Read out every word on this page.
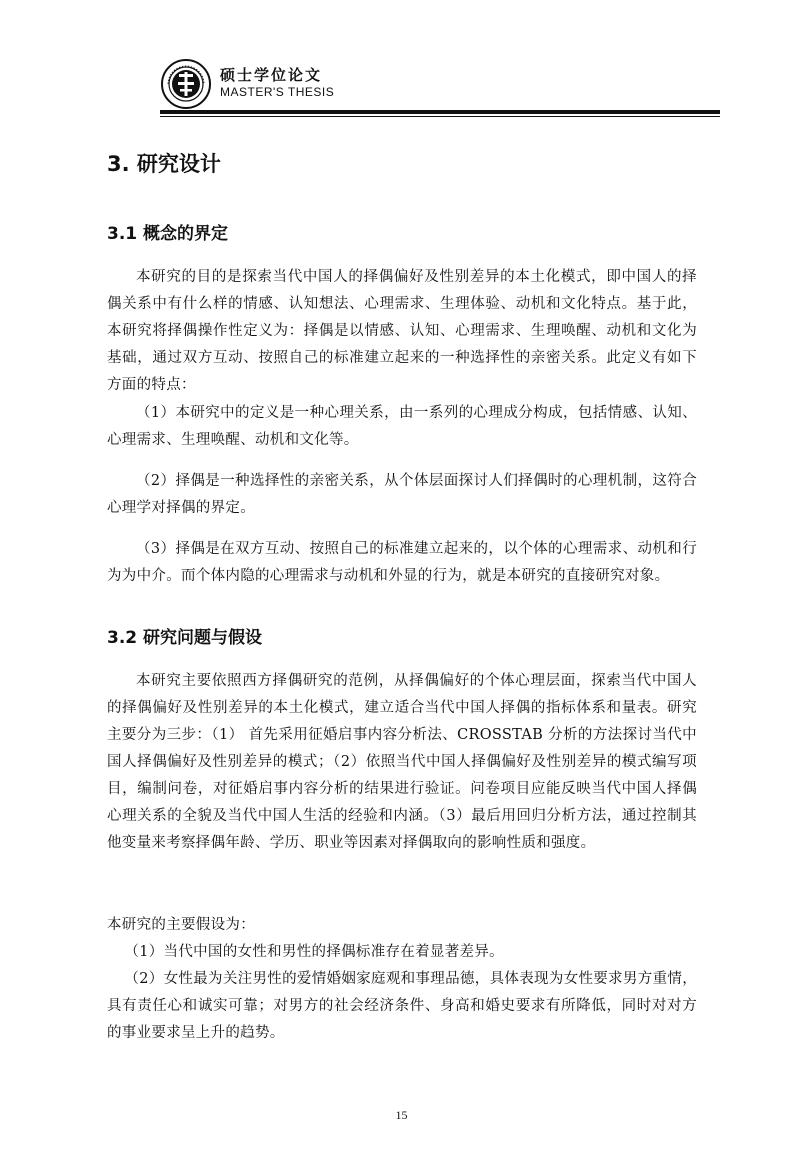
硕士学位论文
MASTER'S THESIS
3. 研究设计
3.1 概念的界定

本研究的目的是探索当代中国人的择偶偏好及性别差异的本土化模式，即中国人的择偶关系中有什么样的情感、认知想法、心理需求、生理体验、动机和文化特点。基于此，本研究将择偶操作性定义为：择偶是以情感、认知、心理需求、生理唤醒、动机和文化为基础，通过双方互动、按照自己的标准建立起来的一种选择性的亲密关系。此定义有如下方面的特点：

（1）本研究中的定义是一种心理关系，由一系列的心理成分构成，包括情感、认知、心理需求、生理唤醒、动机和文化等。

（2）择偶是一种选择性的亲密关系，从个体层面探讨人们择偶时的心理机制，这符合心理学对择偶的界定。

（3）择偶是在双方互动、按照自己的标准建立起来的，以个体的心理需求、动机和行为为中介。而个体内隐的心理需求与动机和外显的行为，就是本研究的直接研究对象。

3.2 研究问题与假设

本研究主要依照西方择偶研究的范例，从择偶偏好的个体心理层面，探索当代中国人的择偶偏好及性别差异的本土化模式，建立适合当代中国人择偶的指标体系和量表。研究主要分为三步：（1） 首先采用征婚启事内容分析法、CROSSTAB 分析的方法探讨当代中国人择偶偏好及性别差异的模式；（2）依照当代中国人择偶偏好及性别差异的模式编写项目，编制问卷，对征婚启事内容分析的结果进行验证。问卷项目应能反映当代中国人择偶心理关系的全貌及当代中国人生活的经验和内涵。（3）最后用回归分析方法，通过控制其他变量来考察择偶年龄、学历、职业等因素对择偶取向的影响性质和强度。

本研究的主要假设为：

（1）当代中国的女性和男性的择偶标准存在着显著差异。

（2）女性最为关注男性的爱情婚姻家庭观和事理品德，具体表现为女性要求男方重情，具有责任心和诚实可靠；对男方的社会经济条件、身高和婚史要求有所降低，同时对对方的事业要求呈上升的趋势。

15
